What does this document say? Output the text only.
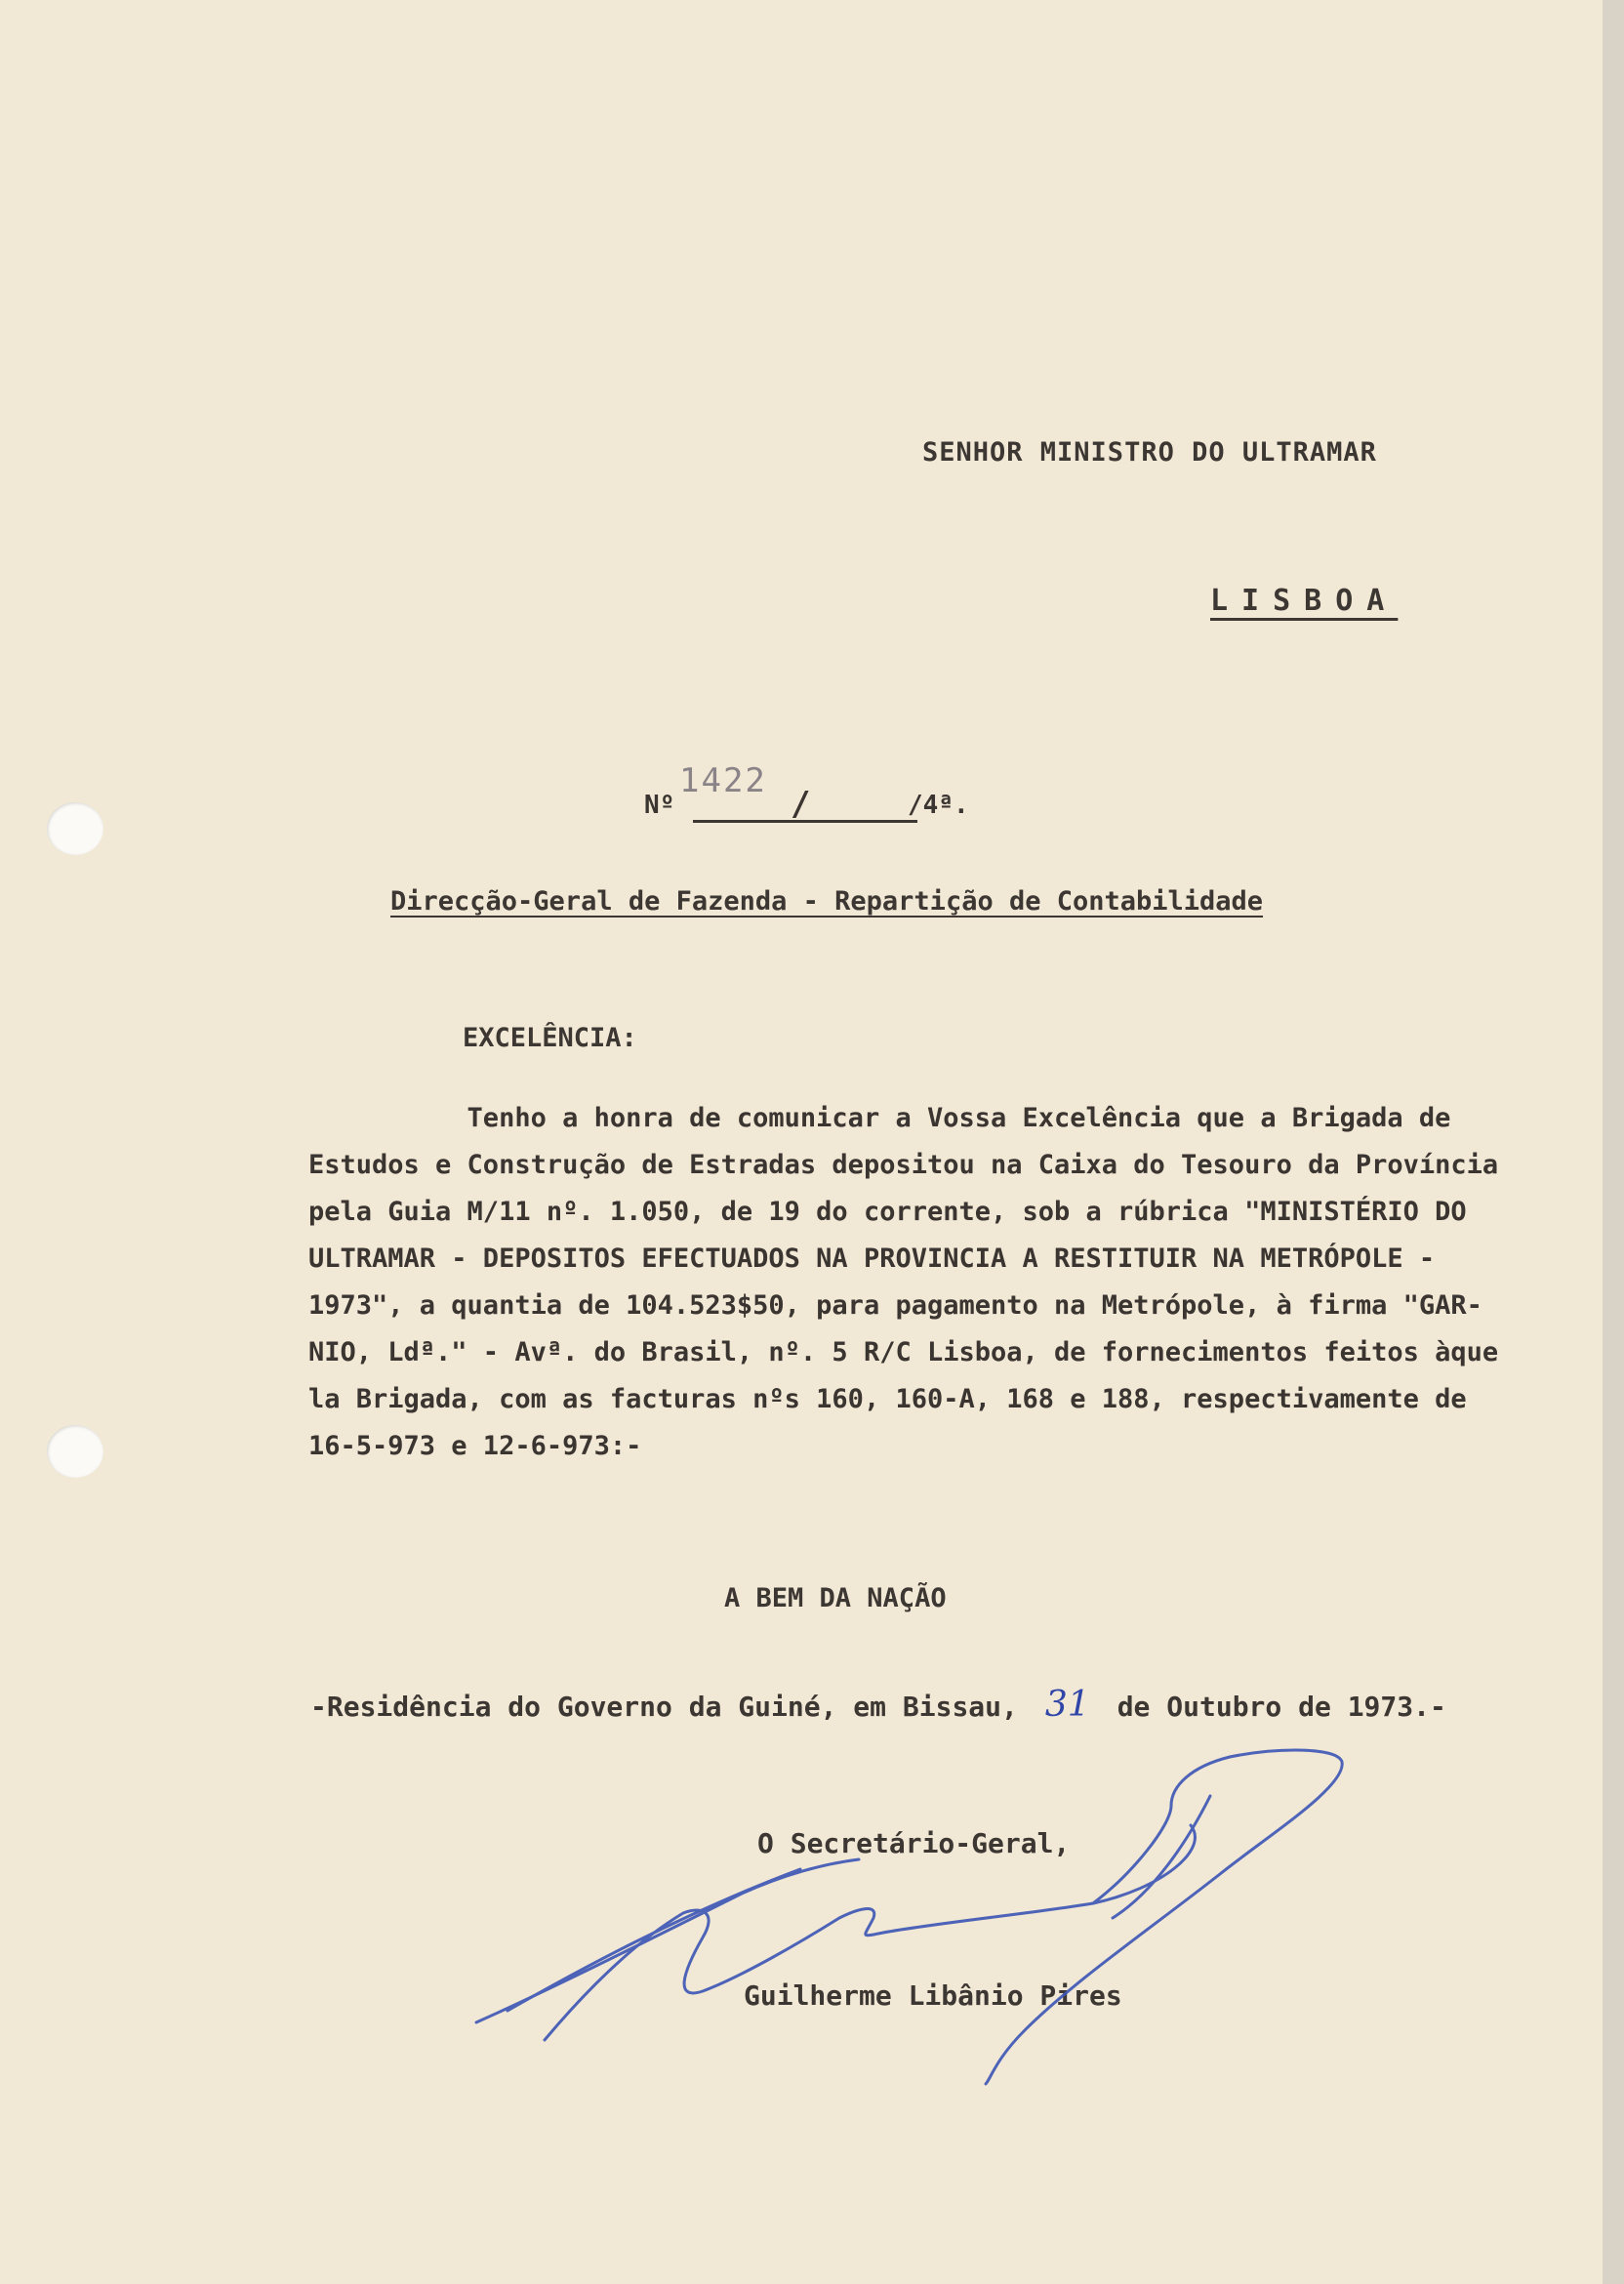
SENHOR MINISTRO DO ULTRAMAR
LISBOA
Nº
1422
/	/4ª.
Direcção-Geral de Fazenda - Repartição de Contabilidade
EXCELÊNCIA:
Tenho a honra de comunicar a Vossa Excelência que a Brigada de
Estudos e Construção de Estradas depositou na Caixa do Tesouro da Província
pela Guia M/11 nº. 1.050, de 19 do corrente, sob a rúbrica "MINISTÉRIO DO
ULTRAMAR - DEPOSITOS EFECTUADOS NA PROVINCIA A RESTITUIR NA METRÓPOLE -
1973", a quantia de 104.523$50, para pagamento na Metrópole, à firma "GAR-
NIO, Ldª." - Avª. do Brasil, nº. 5 R/C Lisboa, de fornecimentos feitos àque
la Brigada, com as facturas nºs 160, 160-A, 168 e 188, respectivamente de
16-5-973 e 12-6-973:-
A BEM DA NAÇÃO
-Residência do Governo da Guiné, em Bissau, 31 de Outubro de 1973.-
O Secretário-Geral,
Guilherme Libânio Pires
